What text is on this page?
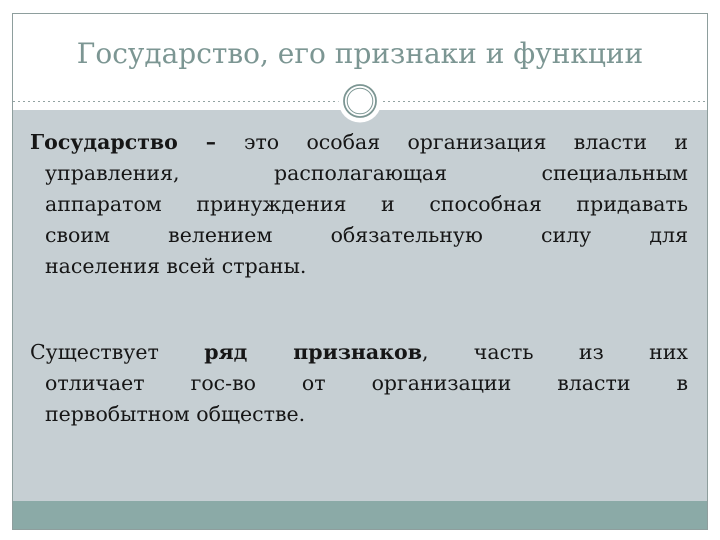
Государство, его признаки и функции
Государство – это особая организация власти и
управления, располагающая специальным
аппаратом принуждения и способная придавать
своим велением обязательную силу для
населения всей страны.
Существует ряд признаков, часть из них
отличает гос-во от организации власти в
первобытном обществе.
